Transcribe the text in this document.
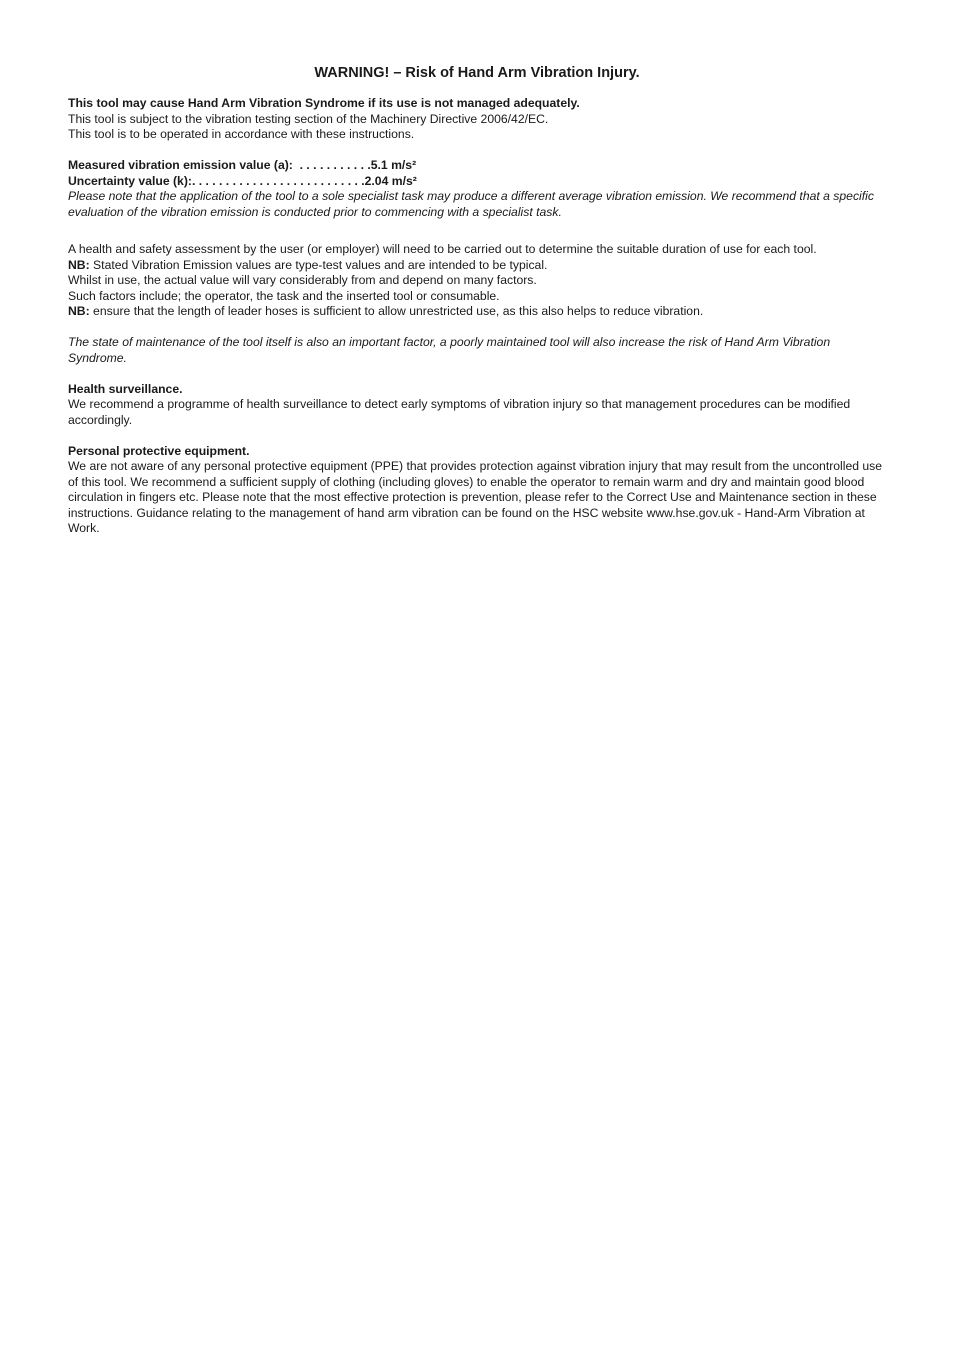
WARNING! – Risk of Hand Arm Vibration Injury.

This tool may cause Hand Arm Vibration Syndrome if its use is not managed adequately.

This tool is subject to the vibration testing section of the Machinery Directive 2006/42/EC.

This tool is to be operated in accordance with these instructions.

Measured vibration emission value (a):  . . . . . . . . . . .5.1 m/s²

Uncertainty value (k):. . . . . . . . . . . . . . . . . . . . . . . . . .2.04 m/s²

Please note that the application of the tool to a sole specialist task may produce a different average vibration emission. We recommend that a specific evaluation of the vibration emission is conducted prior to commencing with a specialist task.

A health and safety assessment by the user (or employer) will need to be carried out to determine the suitable duration of use for each tool.

NB: Stated Vibration Emission values are type-test values and are intended to be typical.

Whilst in use, the actual value will vary considerably from and depend on many factors.

Such factors include; the operator, the task and the inserted tool or consumable.

NB: ensure that the length of leader hoses is sufficient to allow unrestricted use, as this also helps to reduce vibration.

The state of maintenance of the tool itself is also an important factor, a poorly maintained tool will also increase the risk of Hand Arm Vibration Syndrome.

Health surveillance.

We recommend a programme of health surveillance to detect early symptoms of vibration injury so that management procedures can be modified accordingly.

Personal protective equipment.

We are not aware of any personal protective equipment (PPE) that provides protection against vibration injury that may result from the uncontrolled use of this tool. We recommend a sufficient supply of clothing (including gloves) to enable the operator to remain warm and dry and maintain good blood circulation in fingers etc. Please note that the most effective protection is prevention, please refer to the Correct Use and Maintenance section in these instructions. Guidance relating to the management of hand arm vibration can be found on the HSC website www.hse.gov.uk - Hand-Arm Vibration at Work.
